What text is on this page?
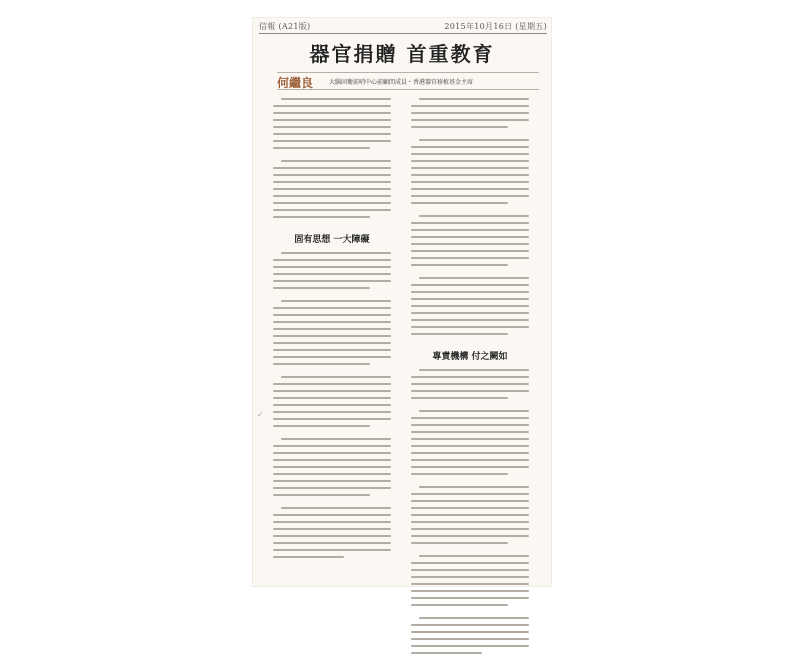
信報 (A21版)	2015年10月16日 (星期五)
器官捐贈 首重教育
何繼良	大腦固衛前哨中心前顧問成員・香港器官移植基金主席
固有思想 一大障礙
專責機構 付之闕如
✓
